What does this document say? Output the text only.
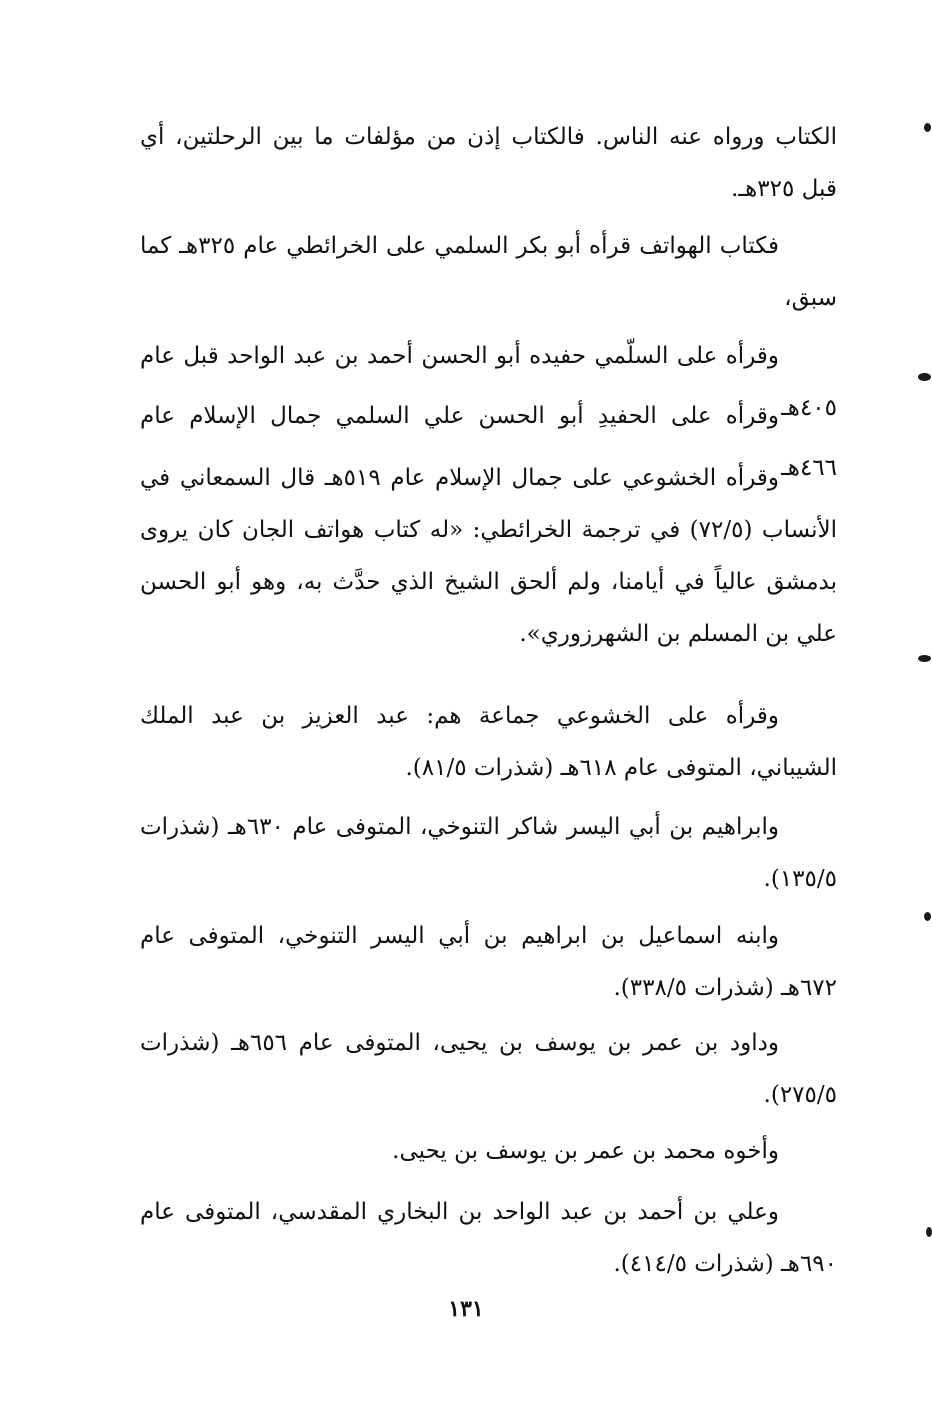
الكتاب ورواه عنه الناس. فالكتاب إذن من مؤلفات ما بين الرحلتين، أي قبل ٣٢٥هـ.

فكتاب الهواتف قرأه أبو بكر السلمي على الخرائطي عام ٣٢٥هـ كما سبق،

وقرأه على السلّمي حفيده أبو الحسن أحمد بن عبد الواحد قبل عام ٤٠٥هـ

وقرأه على الحفيدِ أبو الحسن علي السلمي جمال الإسلام عام ٤٦٦هـ

وقرأه الخشوعي على جمال الإسلام عام ٥١٩هـ قال السمعاني في الأنساب (٧٢/٥) في ترجمة الخرائطي: «له كتاب هواتف الجان كان يروى بدمشق عالياً في أيامنا، ولم ألحق الشيخ الذي حدَّث به، وهو أبو الحسن علي بن المسلم بن الشهرزوري».

وقرأه على الخشوعي جماعة هم: عبد العزيز بن عبد الملك الشيباني، المتوفى عام ٦١٨هـ (شذرات ٨١/٥).

وابراهيم بن أبي اليسر شاكر التنوخي، المتوفى عام ٦٣٠هـ (شذرات ١٣٥/٥).

وابنه اسماعيل بن ابراهيم بن أبي اليسر التنوخي، المتوفى عام ٦٧٢هـ (شذرات ٣٣٨/٥).

وداود بن عمر بن يوسف بن يحيى، المتوفى عام ٦٥٦هـ (شذرات ٢٧٥/٥).

وأخوه محمد بن عمر بن يوسف بن يحيى.

وعلي بن أحمد بن عبد الواحد بن البخاري المقدسي، المتوفى عام ٦٩٠هـ (شذرات ٤١٤/٥).

١٣١
